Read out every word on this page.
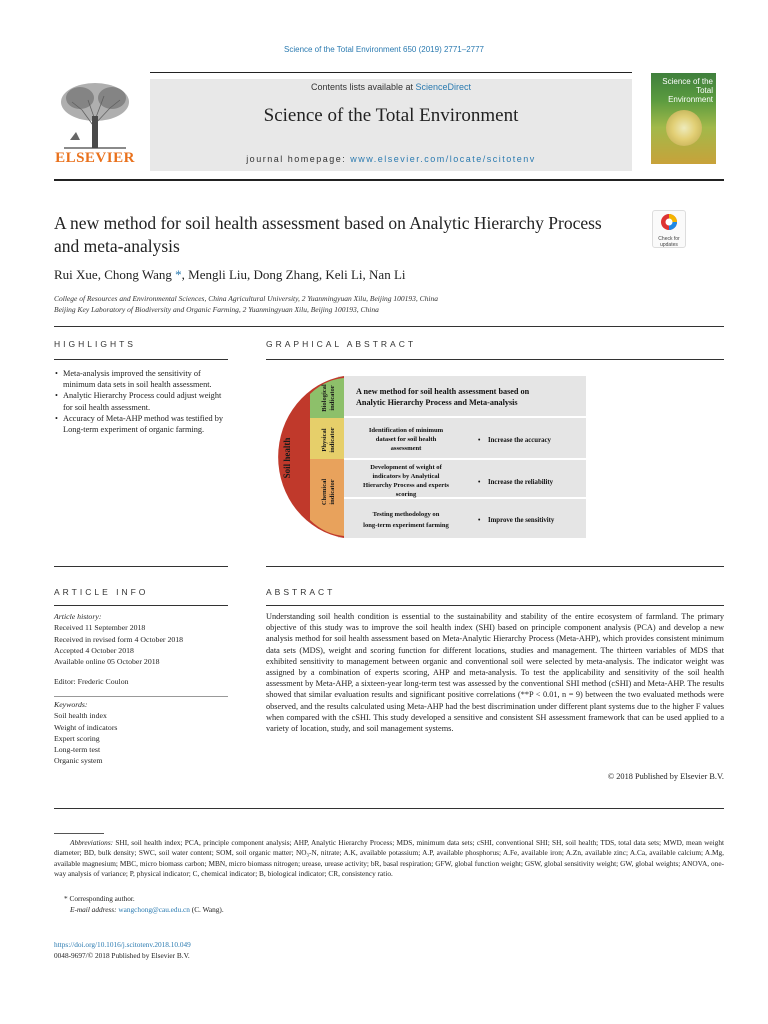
Science of the Total Environment 650 (2019) 2771–2777
ELSEVIER
Contents lists available at ScienceDirect
Science of the Total Environment
journal homepage: www.elsevier.com/locate/scitotenv
Science of the Total Environment
Check for
updates
A new method for soil health assessment based on Analytic Hierarchy Process and meta-analysis
Rui Xue, Chong Wang *, Mengli Liu, Dong Zhang, Keli Li, Nan Li
College of Resources and Environmental Sciences, China Agricultural University, 2 Yuanmingyuan Xilu, Beijing 100193, China
Beijing Key Laboratory of Biodiversity and Organic Farming, 2 Yuanmingyuan Xilu, Beijing 100193, China
HIGHLIGHTS
• Meta-analysis improved the sensitivity of minimum data sets in soil health assessment.
• Analytic Hierarchy Process could adjust weight for soil health assessment.
• Accuracy of Meta-AHP method was testified by Long-term experiment of organic farming.
GRAPHICAL ABSTRACT
Soil health
Biological indicator
Physical indicator
Chemical indicator
A new method for soil health assessment based on
Analytic Hierarchy Process and Meta-analysis
Identification of minimum
dataset for soil health
assessment
• Increase the accuracy
Development of weight of
indicators by Analytical
Hierarchy Process and experts
scoring
• Increase the reliability
Testing methodology on
long-term experiment farming
• Improve the sensitivity
ARTICLE INFO
Article history:
Received 11 September 2018
Received in revised form 4 October 2018
Accepted 4 October 2018
Available online 05 October 2018
Editor: Frederic Coulon
Keywords:
Soil health index
Weight of indicators
Expert scoring
Long-term test
Organic system
ABSTRACT
Understanding soil health condition is essential to the sustainability and stability of the entire ecosystem of farmland. The primary objective of this study was to improve the soil health index (SHI) based on principle component analysis (PCA) and develop a new analysis method for soil health assessment based on Meta-Analytic Hierarchy Process (Meta-AHP), which provides consistent minimum data sets (MDS), weight and scoring function for different locations, studies and management. The thirteen variables of MDS that exhibited sensitivity to management between organic and conventional soil were selected by meta-analysis. The indicator weight was assigned by a combination of experts scoring, AHP and meta-analysis. To test the applicability and sensitivity of the soil health assessment by Meta-AHP, a sixteen-year long-term test was assessed by the conventional SHI method (cSHI) and Meta-AHP. The results showed that similar evaluation results and significant positive correlations (**P < 0.01, n = 9) between the two evaluated methods were observed, and the results calculated using Meta-AHP had the best discrimination under different plant systems due to the higher F values when compared with the cSHI. This study developed a sensitive and consistent SH assessment framework that can be used applied to a variety of location, study, and soil management systems.
© 2018 Published by Elsevier B.V.
Abbreviations: SHI, soil health index; PCA, principle component analysis; AHP, Analytic Hierarchy Process; MDS, minimum data sets; cSHI, conventional SHI; SH, soil health; TDS, total data sets; MWD, mean weight diameter; BD, bulk density; SWC, soil water content; SOM, soil organic matter; NO₃-N, nitrate; A.K, available potassium; A.P, available phosphorus; A.Fe, available iron; A.Zn, available zinc; A.Ca, available calcium; A.Mg, available magnesium; MBC, micro biomass carbon; MBN, micro biomass nitrogen; urease, urease activity; bR, basal respiration; GFW, global function weight; GSW, global sensitivity weight; GW, global weights; ANOVA, one-way analysis of variance; P, physical indicator; C, chemical indicator; B, biological indicator; CR, consistency ratio.
* Corresponding author.
E-mail address: wangchong@cau.edu.cn (C. Wang).
https://doi.org/10.1016/j.scitotenv.2018.10.049
0048-9697/© 2018 Published by Elsevier B.V.
